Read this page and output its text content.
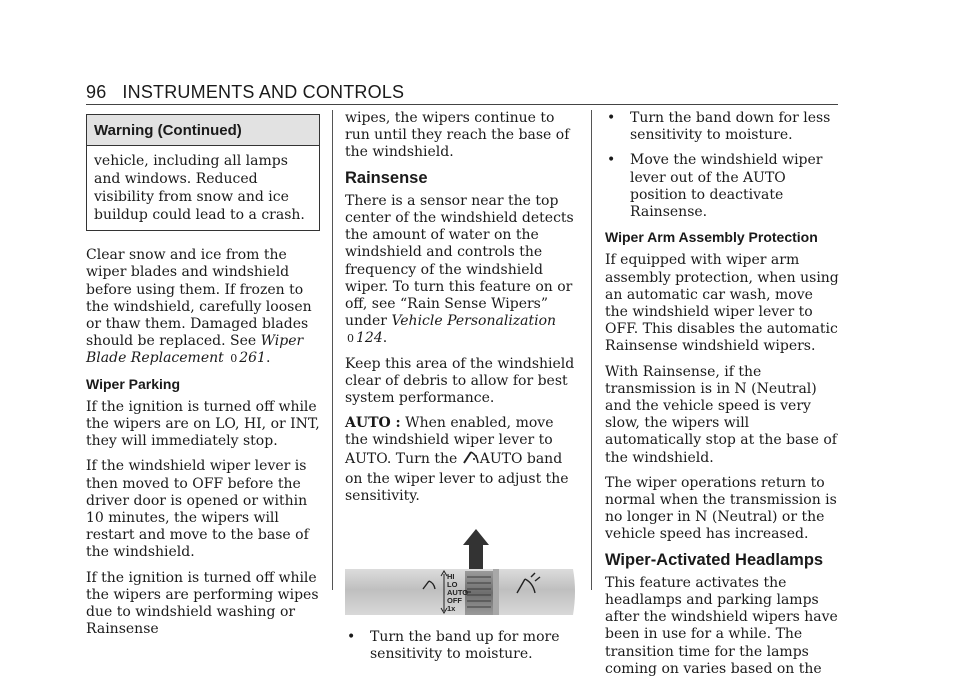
96 INSTRUMENTS AND CONTROLS
Warning (Continued)
vehicle, including all lamps and windows. Reduced visibility from snow and ice buildup could lead to a crash.

Clear snow and ice from the wiper blades and windshield before using them. If frozen to the windshield, carefully loosen or thaw them. Damaged blades should be replaced. See Wiper Blade Replacement 0 261.

Wiper Parking

If the ignition is turned off while the wipers are on LO, HI, or INT, they will immediately stop.

If the windshield wiper lever is then moved to OFF before the driver door is opened or within 10 minutes, the wipers will restart and move to the base of the windshield.

If the ignition is turned off while the wipers are performing wipes due to windshield washing or Rainsense

wipes, the wipers continue to run until they reach the base of the windshield.

Rainsense

There is a sensor near the top center of the windshield detects the amount of water on the windshield and controls the frequency of the windshield wiper. To turn this feature on or off, see “Rain Sense Wipers” under Vehicle Personalization 0 124.

Keep this area of the windshield clear of debris to allow for best system performance.

AUTO : When enabled, move the windshield wiper lever to AUTO. Turn the AUTO band on the wiper lever to adjust the sensitivity.

HI
LO
AUTO
OFF
1x
•	Turn the band up for more sensitivity to moisture.
•	Turn the band down for less sensitivity to moisture.
•	Move the windshield wiper lever out of the AUTO position to deactivate Rainsense.
Wiper Arm Assembly Protection

If equipped with wiper arm assembly protection, when using an automatic car wash, move the windshield wiper lever to OFF. This disables the automatic Rainsense windshield wipers.

With Rainsense, if the transmission is in N (Neutral) and the vehicle speed is very slow, the wipers will automatically stop at the base of the windshield.

The wiper operations return to normal when the transmission is no longer in N (Neutral) or the vehicle speed has increased.

Wiper-Activated Headlamps

This feature activates the headlamps and parking lamps after the windshield wipers have been in use for a while. The transition time for the lamps coming on varies based on the
